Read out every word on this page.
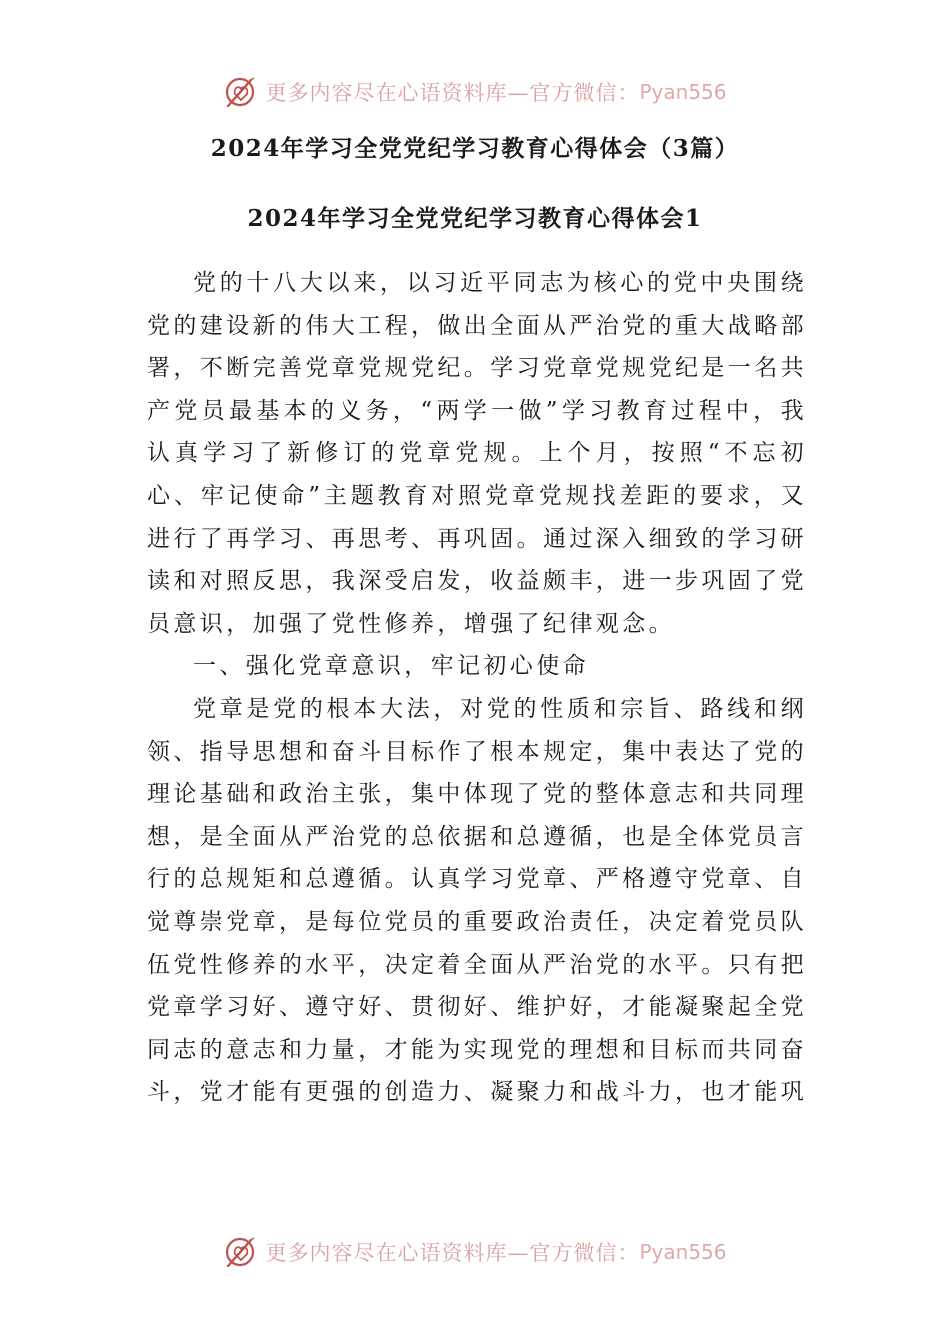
更多内容尽在心语资料库—官方微信： Pyan556
2024年学习全党党纪学习教育心得体会（3篇）
2024年学习全党党纪学习教育心得体会1

党的十八大以来，以习近平同志为核心的党中央围绕党的建设新的伟大工程，做出全面从严治党的重大战略部署，不断完善党章党规党纪。学习党章党规党纪是一名共产党员最基本的义务，“两学一做”学习教育过程中，我认真学习了新修订的党章党规。上个月，按照“不忘初心、牢记使命”主题教育对照党章党规找差距的要求，又进行了再学习、再思考、再巩固。通过深入细致的学习研读和对照反思，我深受启发，收益颇丰，进一步巩固了党员意识，加强了党性修养，增强了纪律观念。

一、强化党章意识，牢记初心使命

党章是党的根本大法，对党的性质和宗旨、路线和纲领、指导思想和奋斗目标作了根本规定，集中表达了党的理论基础和政治主张，集中体现了党的整体意志和共同理想，是全面从严治党的总依据和总遵循，也是全体党员言行的总规矩和总遵循。认真学习党章、严格遵守党章、自觉尊崇党章，是每位党员的重要政治责任，决定着党员队伍党性修养的水平，决定着全面从严治党的水平。只有把党章学习好、遵守好、贯彻好、维护好，才能凝聚起全党同志的意志和力量，才能为实现党的理想和目标而共同奋斗，党才能有更强的创造力、凝聚力和战斗力，也才能巩

更多内容尽在心语资料库—官方微信： Pyan556
